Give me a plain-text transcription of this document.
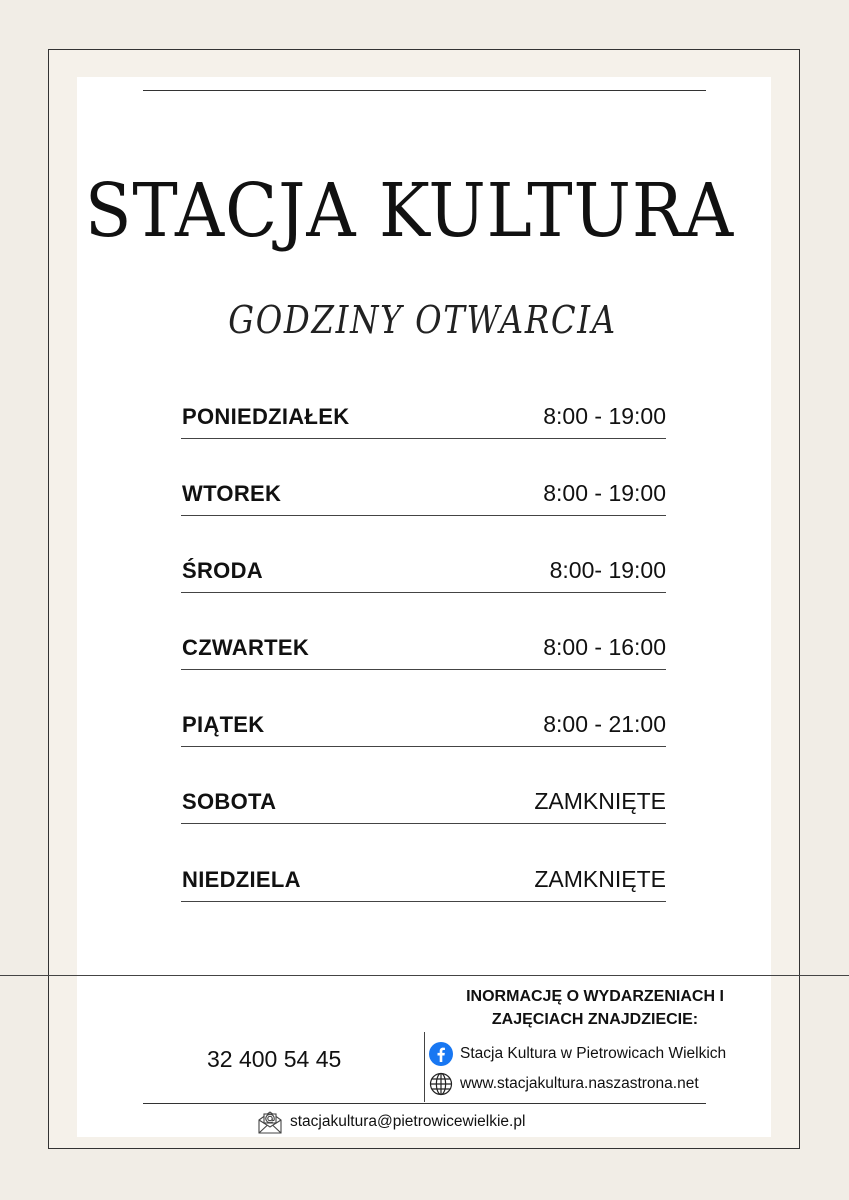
STACJA KULTURA
GODZINY OTWARCIA
PONIEDZIAŁEK	8:00 - 19:00
WTOREK	8:00 - 19:00
ŚRODA	8:00- 19:00
CZWARTEK	8:00 - 16:00
PIĄTEK	8:00 - 21:00
SOBOTA	ZAMKNIĘTE
NIEDZIELA	ZAMKNIĘTE
INORMACJĘ O WYDARZENIACH I
ZAJĘCIACH ZNAJDZIECIE:
32 400 54 45	Stacja Kultura w Pietrowicach Wielkich
www.stacjakultura.naszastrona.net
stacjakultura@pietrowicewielkie.pl
